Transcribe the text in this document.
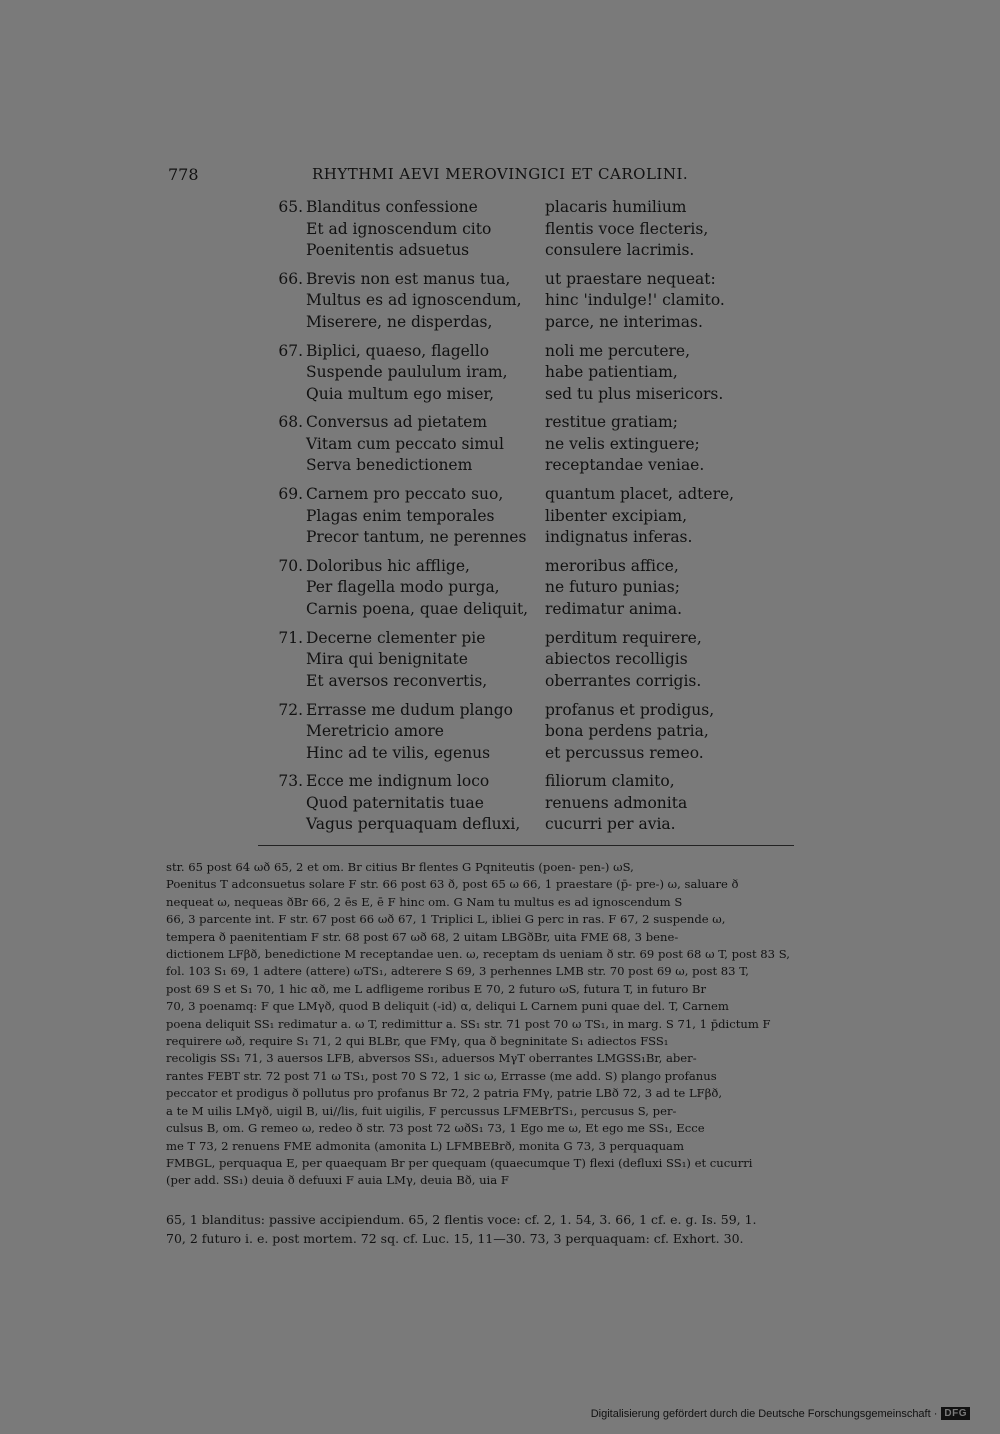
778	RHYTHMI AEVI MEROVINGICI ET CAROLINI.
65. Blanditus confessione
Et ad ignoscendum cito
Poenitentis adsuetus
placaris humilium
flentis voce flecteris,
consulere lacrimis.
66. Brevis non est manus tua,
Multus es ad ignoscendum,
Miserere, ne disperdas,
ut praestare nequeat:
hinc 'indulge!' clamito.
parce, ne interimas.
67. Biplici, quaeso, flagello
Suspende paululum iram,
Quia multum ego miser,
noli me percutere,
habe patientiam,
sed tu plus misericors.
68. Conversus ad pietatem
Vitam cum peccato simul
Serva benedictionem
restitue gratiam;
ne velis extinguere;
receptandae veniae.
69. Carnem pro peccato suo,
Plagas enim temporales
Precor tantum, ne perennes
quantum placet, adtere,
libenter excipiam,
indignatus inferas.
70. Doloribus hic afflige,
Per flagella modo purga,
Carnis poena, quae deliquit,
meroribus affice,
ne futuro punias;
redimatur anima.
71. Decerne clementer pie
Mira qui benignitate
Et aversos reconvertis,
perditum requirere,
abiectos recolligis
oberrantes corrigis.
72. Errasse me dudum plango
Meretricio amore
Hinc ad te vilis, egenus
profanus et prodigus,
bona perdens patria,
et percussus remeo.
73. Ecce me indignum loco
Quod paternitatis tuae
Vagus perquaquam defluxi,
filiorum clamito,
renuens admonita
cucurri per avia.
str. 65 post 64 ωð 65, 2 et om. Br citius Br flentes G Pqniteutis (poen- pen-) ωS,
Poenitus T adconsuetus solare F str. 66 post 63 ð, post 65 ω 66, 1 praestare (p̄- pre-) ω, saluare ð
nequeat ω, nequeas ðBr 66, 2 ēs E, ē F hinc om. G Nam tu multus es ad ignoscendum S
66, 3 parcente int. F str. 67 post 66 ωð 67, 1 Triplici L, ibliei G perc in ras. F 67, 2 suspende ω,
tempera ð paenitentiam F str. 68 post 67 ωð 68, 2 uitam LBGðBr, uita FME 68, 3 bene-
dictionem LFβð, benedictione M receptandae uen. ω, receptam ds ueniam ð str. 69 post 68 ω T, post 83 S,
fol. 103 S₁ 69, 1 adtere (attere) ωTS₁, adterere S 69, 3 perhennes LMB str. 70 post 69 ω, post 83 T,
post 69 S et S₁ 70, 1 hic αð, me L adfligeme roribus E 70, 2 futuro ωS, futura T, in futuro Br
70, 3 poenamq: F que LMγð, quod B deliquit (-id) α, deliqui L Carnem puni quae del. T, Carnem
poena deliquit SS₁ redimatur a. ω T, redimittur a. SS₁ str. 71 post 70 ω TS₁, in marg. S 71, 1 p̄dictum F
requirere ωð, require S₁ 71, 2 qui BLBr, que FMγ, qua ð begninitate S₁ adiectos FSS₁
recoligis SS₁ 71, 3 auersos LFB, abversos SS₁, aduersos MγT oberrantes LMGSS₁Br, aber-
rantes FEBT str. 72 post 71 ω TS₁, post 70 S 72, 1 sic ω, Errasse (me add. S) plango profanus
peccator et prodigus ð pollutus pro profanus Br 72, 2 patria FMγ, patrie LBð 72, 3 ad te LFβð,
a te M uilis LMγð, uigil B, ui//lis, fuit uigilis, F percussus LFMEBrTS₁, percusus S, per-
culsus B, om. G remeo ω, redeo ð str. 73 post 72 ωðS₁ 73, 1 Ego me ω, Et ego me SS₁, Ecce
me T 73, 2 renuens FME admonita (amonita L) LFMBEBrð, monita G 73, 3 perquaquam
FMBGL, perquaqua E, per quaequam Br per quequam (quaecumque T) flexi (defluxi SS₁) et cucurri
(per add. SS₁) deuia ð defuuxi F auia LMγ, deuia Bð, uia F
65, 1 blanditus: passive accipiendum. 65, 2 flentis voce: cf. 2, 1. 54, 3. 66, 1 cf. e. g. Is. 59, 1.
70, 2 futuro i. e. post mortem. 72 sq. cf. Luc. 15, 11—30. 73, 3 perquaquam: cf. Exhort. 30.
Digitalisierung gefördert durch die Deutsche Forschungsgemeinschaft · DFG
